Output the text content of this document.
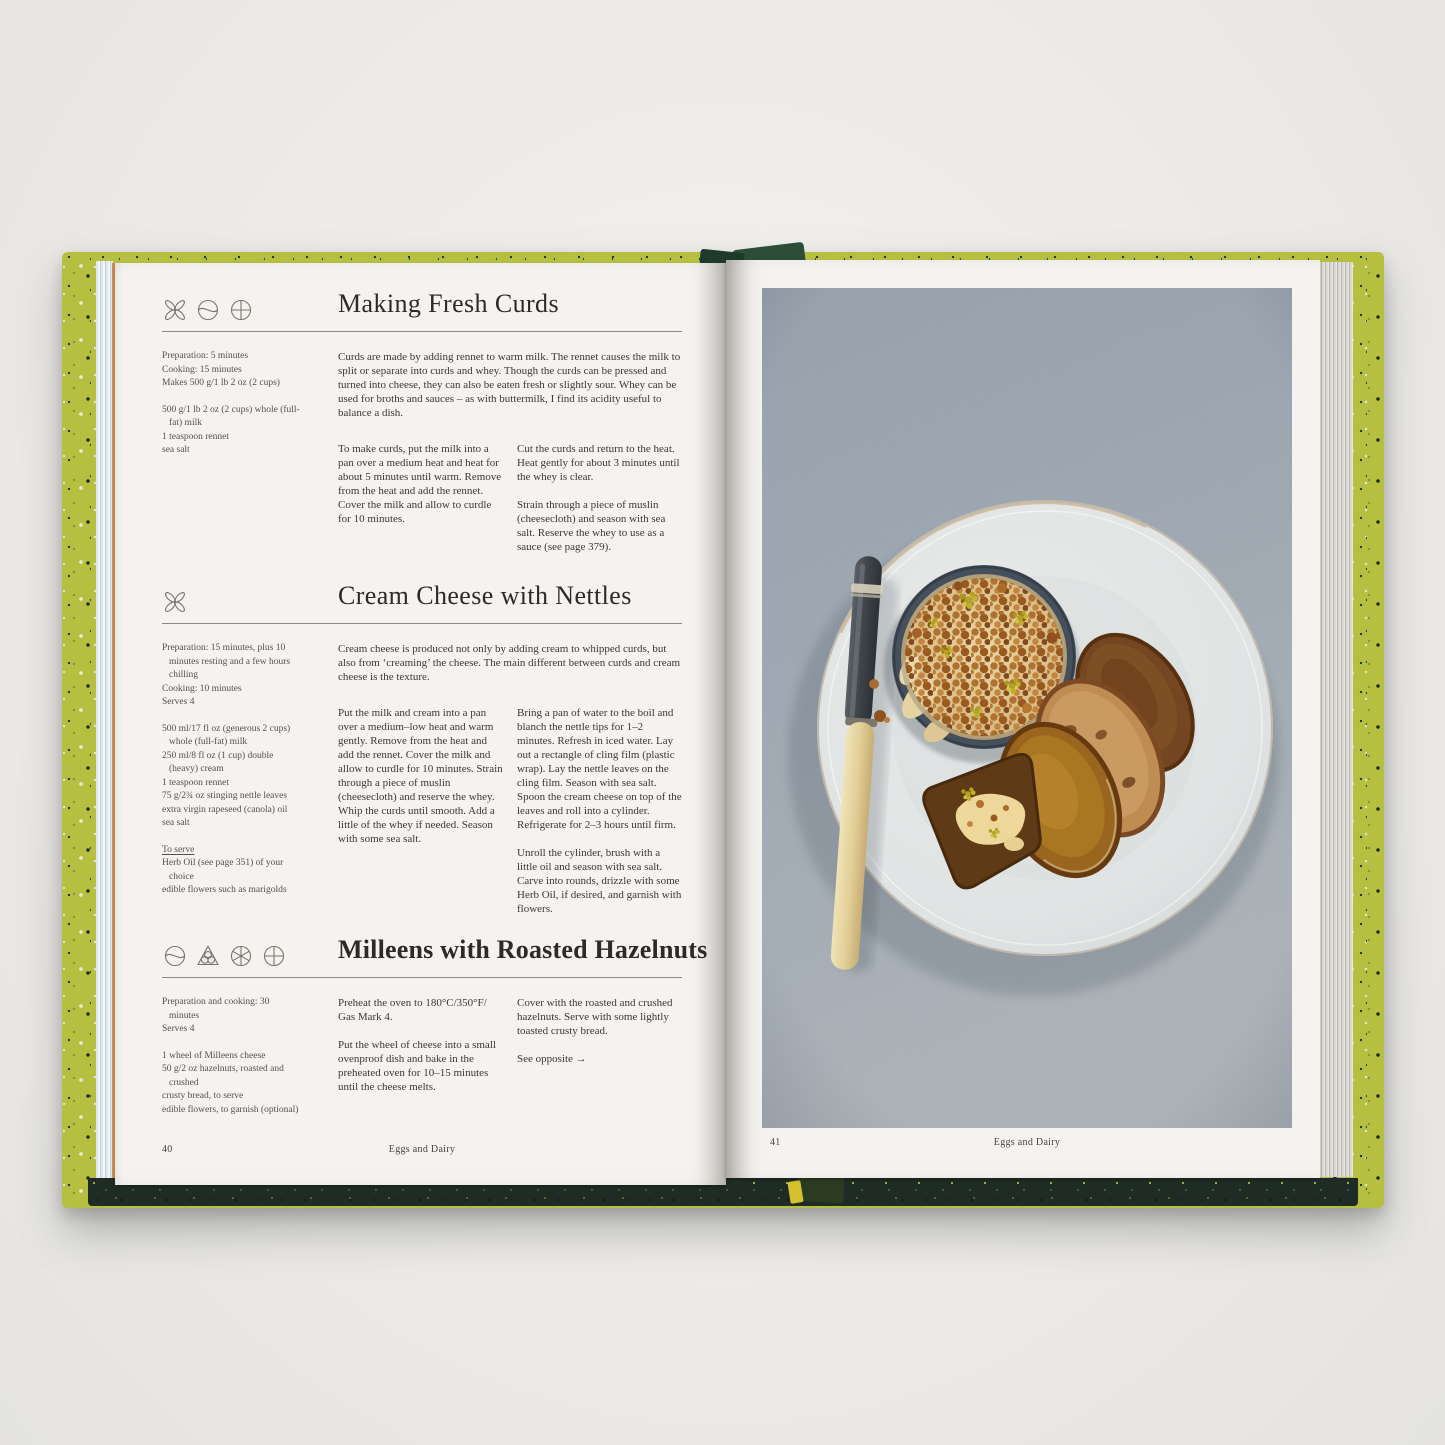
Making Fresh Curds
Preparation: 5 minutes
Cooking: 15 minutes
Makes 500 g/1 lb 2 oz (2 cups)
500 g/1 lb 2 oz (2 cups) whole (full-fat) milk
1 teaspoon rennet
sea salt

Curds are made by adding rennet to warm milk. The rennet causes the milk to split or separate into curds and whey. Though the curds can be pressed and turned into cheese, they can also be eaten fresh or slightly sour. Whey can be used for broths and sauces – as with buttermilk, I find its acidity useful to balance a dish.

To make curds, put the milk into a pan over a medium heat and heat for about 5 minutes until warm. Remove from the heat and add the rennet. Cover the milk and allow to curdle for 10 minutes.

Cut the curds and return to the heat. Heat gently for about 3 minutes until the whey is clear.

Strain through a piece of muslin (cheesecloth) and season with sea salt. Reserve the whey to use as a sauce (see page 379).

Cream Cheese with Nettles
Preparation: 15 minutes, plus 10 minutes resting and a few hours chilling
Cooking: 10 minutes
Serves 4
500 ml/17 fl oz (generous 2 cups) whole (full-fat) milk
250 ml/8 fl oz (1 cup) double (heavy) cream
1 teaspoon rennet
75 g/2¾ oz stinging nettle leaves
extra virgin rapeseed (canola) oil
sea salt
To serve
Herb Oil (see page 351) of your choice
edible flowers such as marigolds

Cream cheese is produced not only by adding cream to whipped curds, but also from ‘creaming’ the cheese. The main different between curds and cream cheese is the texture.

Put the milk and cream into a pan over a medium–low heat and warm gently. Remove from the heat and add the rennet. Cover the milk and allow to curdle for 10 minutes. Strain through a piece of muslin (cheesecloth) and reserve the whey. Whip the curds until smooth. Add a little of the whey if needed. Season with some sea salt.

Bring a pan of water to the boil and blanch the nettle tips for 1–2 minutes. Refresh in iced water. Lay out a rectangle of cling film (plastic wrap). Lay the nettle leaves on the cling film. Season with sea salt. Spoon the cream cheese on top of the leaves and roll into a cylinder. Refrigerate for 2–3 hours until firm.

Unroll the cylinder, brush with a little oil and season with sea salt. Carve into rounds, drizzle with some Herb Oil, if desired, and garnish with flowers.

Milleens with Roasted Hazelnuts
Preparation and cooking: 30 minutes
Serves 4
1 wheel of Milleens cheese
50 g/2 oz hazelnuts, roasted and crushed
crusty bread, to serve
edible flowers, to garnish (optional)

Preheat the oven to 180°C/350°F/ Gas Mark 4.

Put the wheel of cheese into a small ovenproof dish and bake in the preheated oven for 10–15 minutes until the cheese melts.

Cover with the roasted and crushed hazelnuts. Serve with some lightly toasted crusty bread.

See opposite →

40	Eggs and Dairy
41	Eggs and Dairy
